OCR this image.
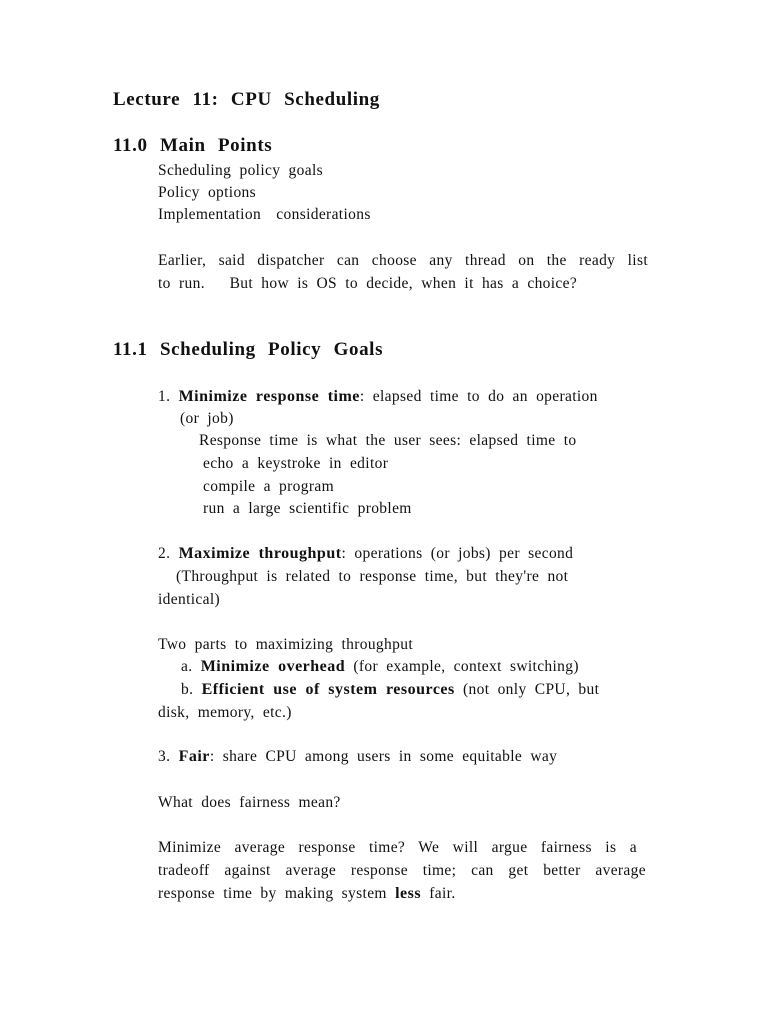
Lecture 11: CPU Scheduling
11.0 Main Points
Scheduling policy goals
Policy options
Implementation considerations
Earlier, said dispatcher can choose any thread on the ready list
to run.   But how is OS to decide, when it has a choice?
11.1 Scheduling Policy Goals
1. Minimize response time: elapsed time to do an operation
(or job)
Response time is what the user sees: elapsed time to
echo a keystroke in editor
compile a program
run a large scientific problem
2. Maximize throughput: operations (or jobs) per second
(Throughput is related to response time, but they're not
identical)
Two parts to maximizing throughput
a. Minimize overhead (for example, context switching)
b. Efficient use of system resources (not only CPU, but
disk, memory, etc.)
3. Fair: share CPU among users in some equitable way
What does fairness mean?
Minimize average response time? We will argue fairness is a
tradeoff against average response time; can get better average
response time by making system less fair.
